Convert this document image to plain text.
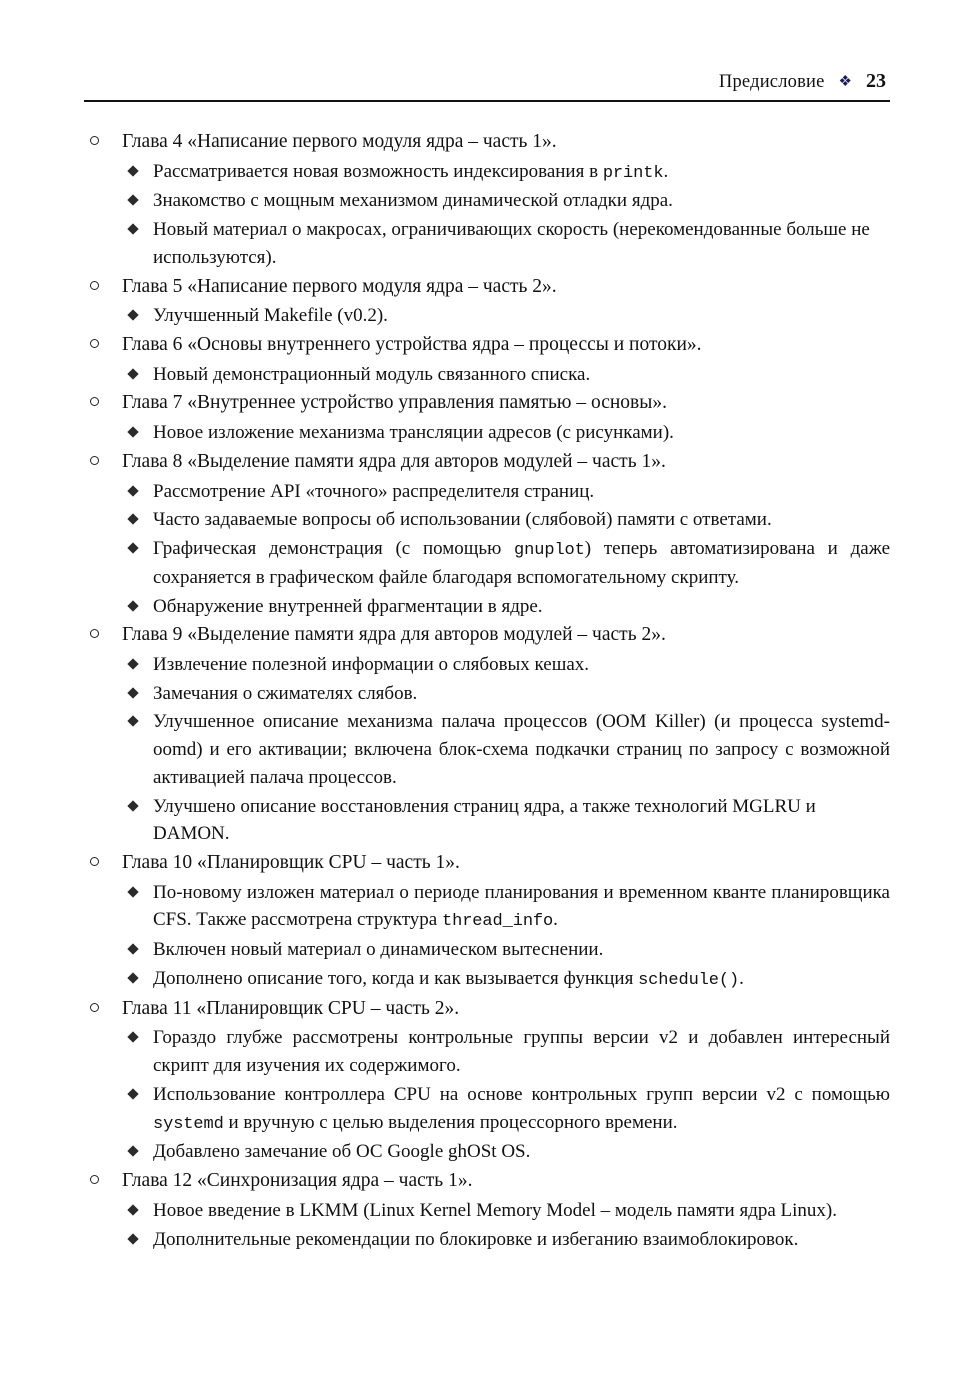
Предисловие ❖ 23
Глава 4 «Написание первого модуля ядра – часть 1».
Рассматривается новая возможность индексирования в printk.
Знакомство с мощным механизмом динамической отладки ядра.
Новый материал о макросах, ограничивающих скорость (нерекомендованные больше не используются).
Глава 5 «Написание первого модуля ядра – часть 2».
Улучшенный Makefile (v0.2).
Глава 6 «Основы внутреннего устройства ядра – процессы и потоки».
Новый демонстрационный модуль связанного списка.
Глава 7 «Внутреннее устройство управления памятью – основы».
Новое изложение механизма трансляции адресов (с рисунками).
Глава 8 «Выделение памяти ядра для авторов модулей – часть 1».
Рассмотрение API «точного» распределителя страниц.
Часто задаваемые вопросы об использовании (слябовой) памяти с ответами.
Графическая демонстрация (с помощью gnuplot) теперь автоматизирована и даже сохраняется в графическом файле благодаря вспомогательному скрипту.
Обнаружение внутренней фрагментации в ядре.
Глава 9 «Выделение памяти ядра для авторов модулей – часть 2».
Извлечение полезной информации о слябовых кешах.
Замечания о сжимателях слябов.
Улучшенное описание механизма палача процессов (OOM Killer) (и процесса systemd-oomd) и его активации; включена блок-схема подкачки страниц по запросу с возможной активацией палача процессов.
Улучшено описание восстановления страниц ядра, а также технологий MGLRU и DAMON.
Глава 10 «Планировщик CPU – часть 1».
По-новому изложен материал о периоде планирования и временном кванте планировщика CFS. Также рассмотрена структура thread_info.
Включен новый материал о динамическом вытеснении.
Дополнено описание того, когда и как вызывается функция schedule().
Глава 11 «Планировщик CPU – часть 2».
Гораздо глубже рассмотрены контрольные группы версии v2 и добавлен интересный скрипт для изучения их содержимого.
Использование контроллера CPU на основе контрольных групп версии v2 с помощью systemd и вручную с целью выделения процессорного времени.
Добавлено замечание об ОС Google ghOSt OS.
Глава 12 «Синхронизация ядра – часть 1».
Новое введение в LKMM (Linux Kernel Memory Model – модель памяти ядра Linux).
Дополнительные рекомендации по блокировке и избеганию взаимоблокировок.
